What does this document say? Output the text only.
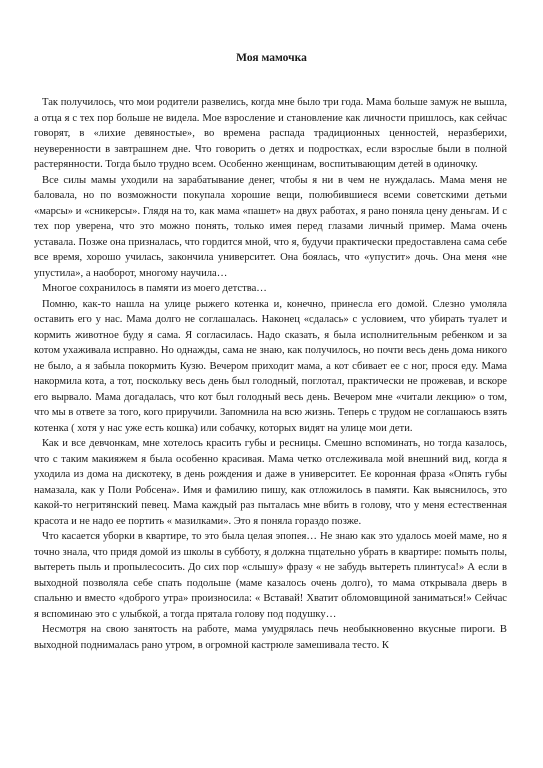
Моя мамочка

Так получилось, что мои родители развелись, когда мне было три года. Мама больше замуж не вышла, а отца я с тех пор больше не видела. Мое взросление и становление как личности пришлось, как сейчас говорят, в «лихие девяностые», во времена распада традиционных ценностей, неразберихи, неуверенности в завтрашнем дне. Что говорить о детях и подростках, если взрослые были в полной растерянности. Тогда было трудно всем. Особенно женщинам, воспитывающим детей в одиночку.

Все силы мамы уходили на зарабатывание денег, чтобы я ни в чем не нуждалась. Мама меня не баловала, но по возможности покупала хорошие вещи, полюбившиеся всеми советскими детьми «марсы» и «сникерсы». Глядя на то, как мама «пашет» на двух работах, я рано поняла цену деньгам. И с тех пор уверена, что это можно понять, только имея перед глазами личный пример. Мама очень уставала. Позже она призналась, что гордится мной, что я, будучи практически предоставлена сама себе все время, хорошо училась, закончила университет. Она боялась, что «упустит» дочь. Она меня «не упустила», а наоборот, многому научила…

Многое сохранилось в памяти из моего детства…

Помню, как-то нашла на улице рыжего котенка и, конечно, принесла его домой. Слезно умоляла оставить его у нас. Мама долго не соглашалась. Наконец «сдалась» с условием, что убирать туалет и кормить животное буду я сама. Я согласилась. Надо сказать, я была исполнительным ребенком и за котом ухаживала исправно. Но однажды, сама не знаю, как получилось, но почти весь день дома никого не было, а я забыла покормить Кузю. Вечером приходит мама, а кот сбивает ее с ног, прося еду. Мама накормила кота, а тот, поскольку весь день был голодный, поглотал, практически не прожевав, и вскоре его вырвало. Мама догадалась, что кот был голодный весь день. Вечером мне «читали лекцию» о том, что мы в ответе за того, кого приручили. Запомнила на всю жизнь. Теперь с трудом не соглашаюсь взять котенка ( хотя у нас уже есть кошка) или собачку, которых видят на улице мои дети.

Как и все девчонкам, мне хотелось красить губы и ресницы. Смешно вспоминать, но тогда казалось, что с таким макияжем я была особенно красивая. Мама четко отслеживала мой внешний вид, когда я уходила из дома на дискотеку, в день рождения и даже в университет. Ее коронная фраза «Опять губы намазала, как у Поли Робсена». Имя и фамилию пишу, как отложилось в памяти. Как выяснилось, это какой-то негритянский певец. Мама каждый раз пыталась мне вбить в голову, что у меня естественная красота и не надо ее портить « мазилками». Это я поняла гораздо позже.

Что касается уборки в квартире, то это была целая эпопея… Не знаю как это удалось моей маме, но я точно знала, что придя домой из школы в субботу, я должна тщательно убрать в квартире: помыть полы, вытереть пыль и пропылесосить. До сих пор «слышу» фразу « не забудь вытереть плинтуса!» А если в выходной позволяла себе спать подольше (маме казалось очень долго), то мама открывала дверь в спальню и вместо «доброго утра» произносила: « Вставай! Хватит обломовщиной заниматься!» Сейчас я вспоминаю это с улыбкой, а тогда прятала голову под подушку…

Несмотря на свою занятость на работе, мама умудрялась печь необыкновенно вкусные пироги. В выходной поднималась рано утром, в огромной кастрюле замешивала тесто. К
